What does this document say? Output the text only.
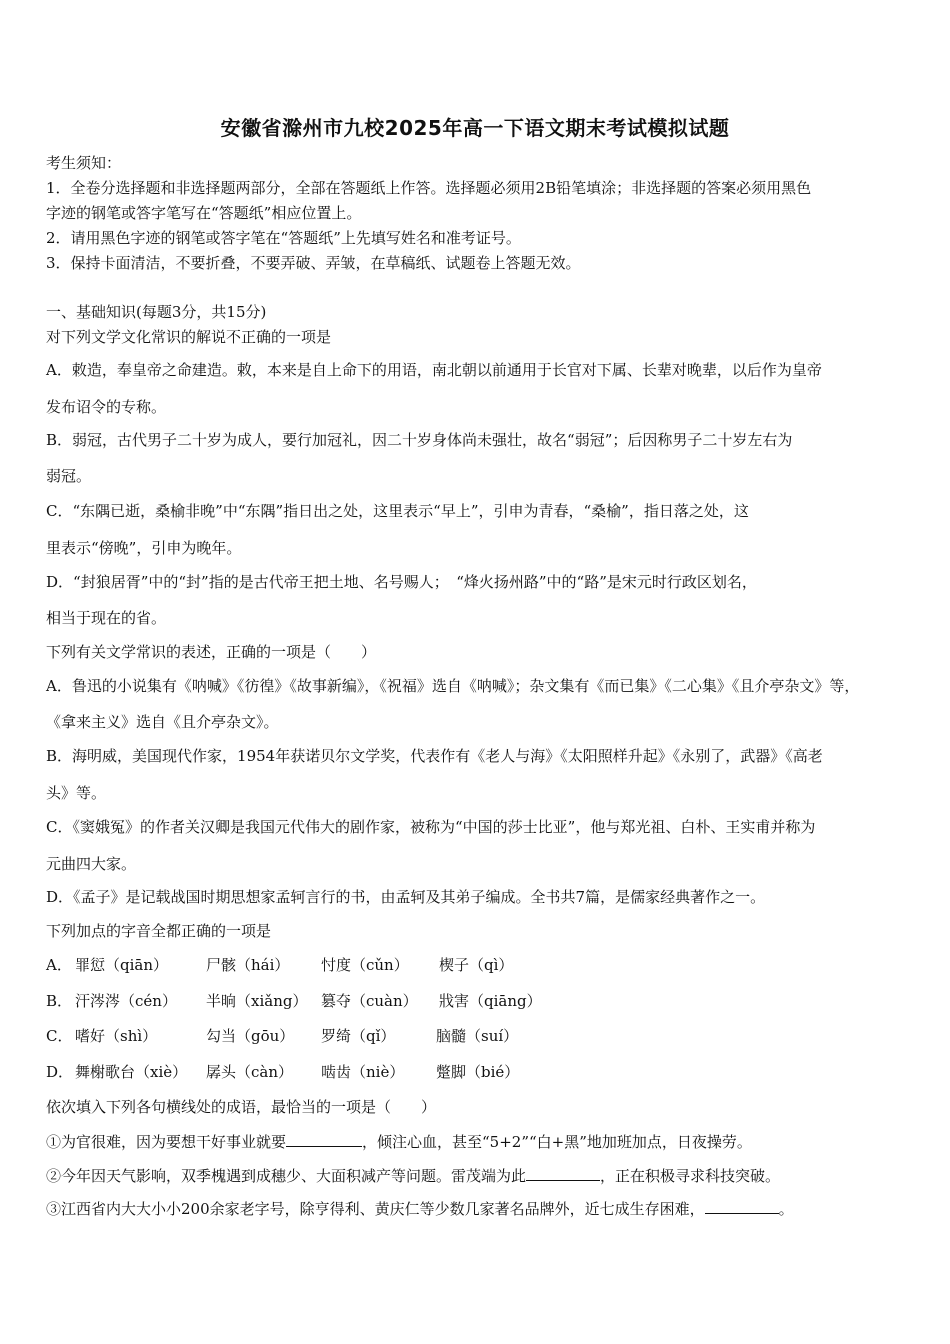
安徽省滁州市九校2025年高一下语文期末考试模拟试题
考生须知：
1．全卷分选择题和非选择题两部分，全部在答题纸上作答。选择题必须用2B铅笔填涂；非选择题的答案必须用黑色
字迹的钢笔或答字笔写在“答题纸”相应位置上。
2．请用黑色字迹的钢笔或答字笔在“答题纸”上先填写姓名和准考证号。
3．保持卡面清洁，不要折叠，不要弄破、弄皱，在草稿纸、试题卷上答题无效。
一、基础知识(每题3分，共15分)
对下列文学文化常识的解说不正确的一项是
A．敕造，奉皇帝之命建造。敕，本来是自上命下的用语，南北朝以前通用于长官对下属、长辈对晚辈，以后作为皇帝
发布诏令的专称。
B．弱冠，古代男子二十岁为成人，要行加冠礼，因二十岁身体尚未强壮，故名“弱冠”；后因称男子二十岁左右为
弱冠。
C．“东隅已逝，桑榆非晚”中“东隅”指日出之处，这里表示“早上”，引申为青春，“桑榆”，指日落之处，这
里表示“傍晚”，引申为晚年。
D．“封狼居胥”中的“封”指的是古代帝王把土地、名号赐人；　“烽火扬州路”中的“路”是宋元时行政区划名，
相当于现在的省。
下列有关文学常识的表述，正确的一项是（　　）
A．鲁迅的小说集有《呐喊》《彷徨》《故事新编》，《祝福》选自《呐喊》；杂文集有《而已集》《二心集》《且介亭杂文》等，
《拿来主义》选自《且介亭杂文》。
B．海明威，美国现代作家，1954年获诺贝尔文学奖，代表作有《老人与海》《太阳照样升起》《永别了，武器》《高老
头》等。
C．《窦娥冤》的作者关汉卿是我国元代伟大的剧作家，被称为“中国的莎士比亚”，他与郑光祖、白朴、王实甫并称为
元曲四大家。
D．《孟子》是记载战国时期思想家孟轲言行的书，由孟轲及其弟子编成。全书共7篇，是儒家经典著作之一。
下列加点的字音全都正确的一项是
A． 罪愆（qiān）	尸骸（hái） 忖度（cǔn） 楔子（qì）
B． 汗涔涔（cén） 半晌（xiǎng） 篡夺（cuàn） 戕害（qiāng）
C． 嗜好（shì）	勾当（gōu） 罗绮（qǐ）	脑髓（suí）
D． 舞榭歌台（xiè） 孱头（càn） 啮齿（niè） 蹩脚（bié）
依次填入下列各句横线处的成语，最恰当的一项是（　　）
①为官很难，因为要想干好事业就要	，倾注心血，甚至“5+2”“白+黑”地加班加点，日夜操劳。
②今年因天气影响，双季槐遇到成穗少、大面积减产等问题。雷茂端为此	，正在积极寻求科技突破。
③江西省内大大小小200余家老字号，除亨得利、黄庆仁等少数几家著名品牌外，近七成生存困难，	。
